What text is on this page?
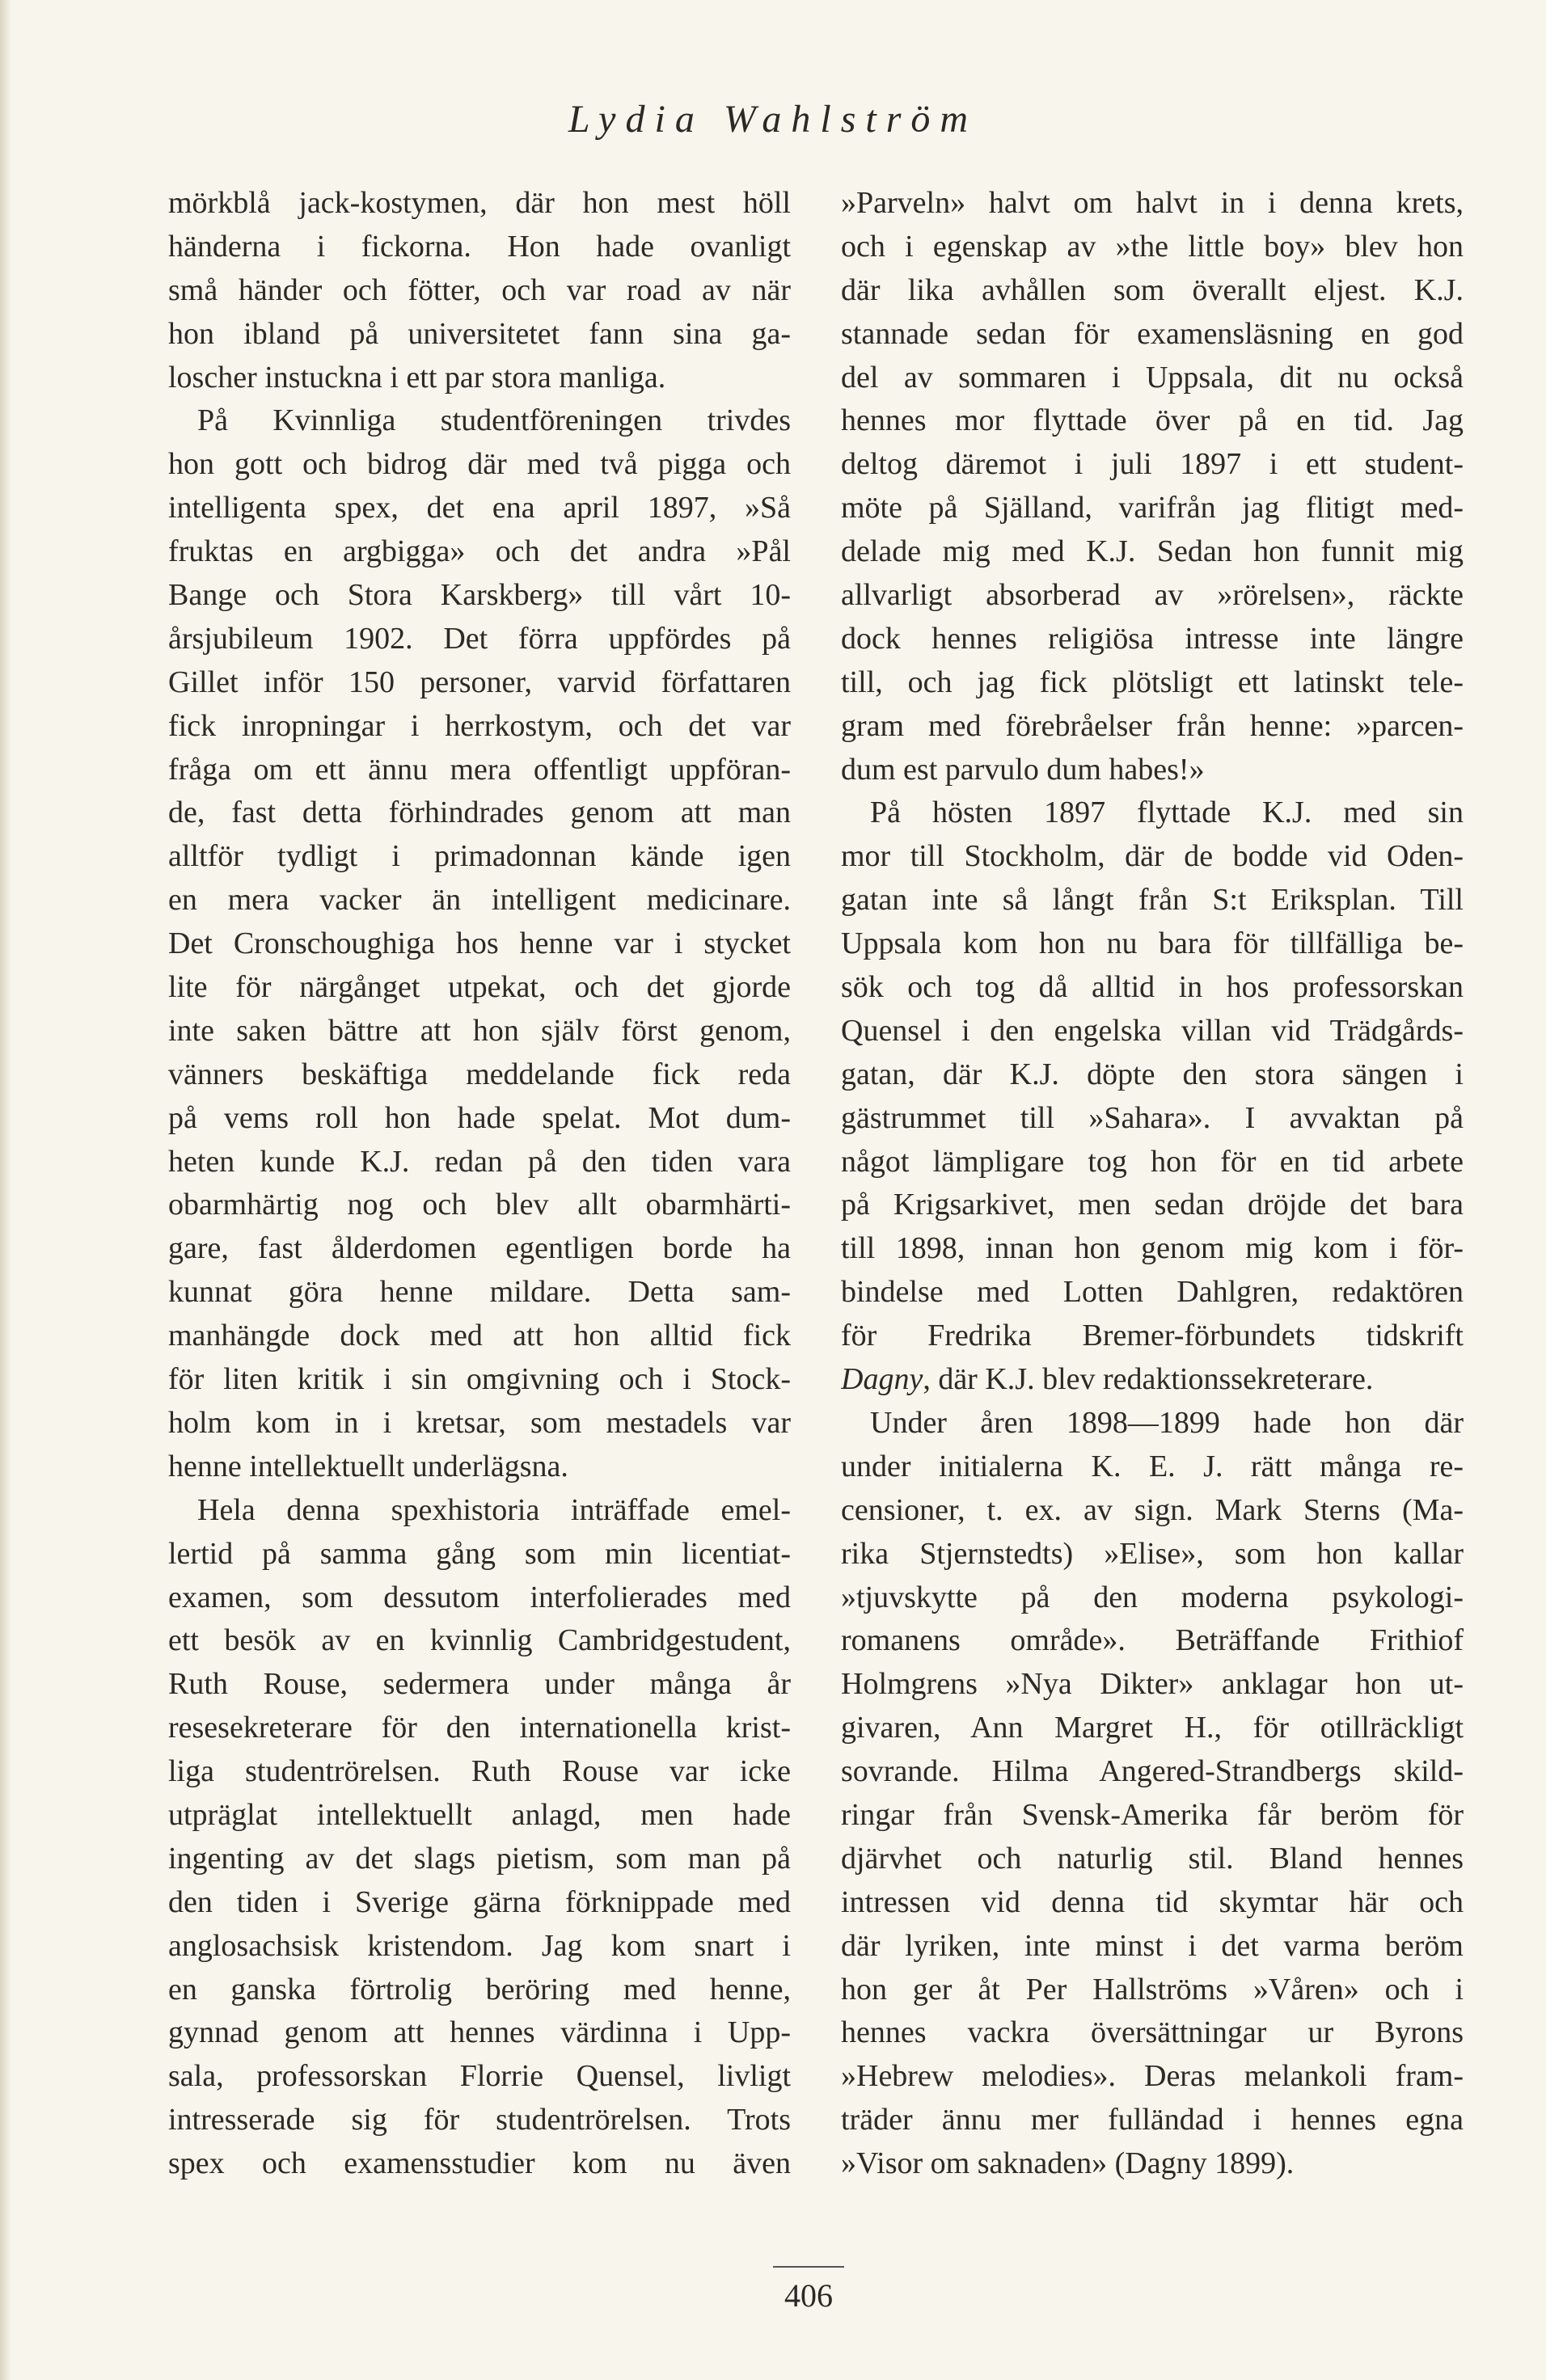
Lydia Wahlström
mörkblå jack-kostymen, där hon mest höll
händerna i fickorna. Hon hade ovanligt
små händer och fötter, och var road av när
hon ibland på universitetet fann sina ga-
loscher instuckna i ett par stora manliga.
På Kvinnliga studentföreningen trivdes
hon gott och bidrog där med två pigga och
intelligenta spex, det ena april 1897, »Så
fruktas en argbigga» och det andra »Pål
Bange och Stora Karskberg» till vårt 10-
årsjubileum 1902. Det förra uppfördes på
Gillet inför 150 personer, varvid författaren
fick inropningar i herrkostym, och det var
fråga om ett ännu mera offentligt uppföran-
de, fast detta förhindrades genom att man
alltför tydligt i primadonnan kände igen
en mera vacker än intelligent medicinare.
Det Cronschoughiga hos henne var i stycket
lite för närgånget utpekat, och det gjorde
inte saken bättre att hon själv först genom,
vänners beskäftiga meddelande fick reda
på vems roll hon hade spelat. Mot dum-
heten kunde K.J. redan på den tiden vara
obarmhärtig nog och blev allt obarmhärti-
gare, fast ålderdomen egentligen borde ha
kunnat göra henne mildare. Detta sam-
manhängde dock med att hon alltid fick
för liten kritik i sin omgivning och i Stock-
holm kom in i kretsar, som mestadels var
henne intellektuellt underlägsna.
Hela denna spexhistoria inträffade emel-
lertid på samma gång som min licentiat-
examen, som dessutom interfolierades med
ett besök av en kvinnlig Cambridgestudent,
Ruth Rouse, sedermera under många år
resesekreterare för den internationella krist-
liga studentrörelsen. Ruth Rouse var icke
utpräglat intellektuellt anlagd, men hade
ingenting av det slags pietism, som man på
den tiden i Sverige gärna förknippade med
anglosachsisk kristendom. Jag kom snart i
en ganska förtrolig beröring med henne,
gynnad genom att hennes värdinna i Upp-
sala, professorskan Florrie Quensel, livligt
intresserade sig för studentrörelsen. Trots
spex och examensstudier kom nu även
»Parveln» halvt om halvt in i denna krets,
och i egenskap av »the little boy» blev hon
där lika avhållen som överallt eljest. K.J.
stannade sedan för examensläsning en god
del av sommaren i Uppsala, dit nu också
hennes mor flyttade över på en tid. Jag
deltog däremot i juli 1897 i ett student-
möte på Själland, varifrån jag flitigt med-
delade mig med K.J. Sedan hon funnit mig
allvarligt absorberad av »rörelsen», räckte
dock hennes religiösa intresse inte längre
till, och jag fick plötsligt ett latinskt tele-
gram med förebråelser från henne: »parcen-
dum est parvulo dum habes!»
På hösten 1897 flyttade K.J. med sin
mor till Stockholm, där de bodde vid Oden-
gatan inte så långt från S:t Eriksplan. Till
Uppsala kom hon nu bara för tillfälliga be-
sök och tog då alltid in hos professorskan
Quensel i den engelska villan vid Trädgårds-
gatan, där K.J. döpte den stora sängen i
gästrummet till »Sahara». I avvaktan på
något lämpligare tog hon för en tid arbete
på Krigsarkivet, men sedan dröjde det bara
till 1898, innan hon genom mig kom i för-
bindelse med Lotten Dahlgren, redaktören
för Fredrika Bremer-förbundets tidskrift
Dagny, där K.J. blev redaktionssekreterare.
Under åren 1898—1899 hade hon där
under initialerna K. E. J. rätt många re-
censioner, t. ex. av sign. Mark Sterns (Ma-
rika Stjernstedts) »Elise», som hon kallar
»tjuvskytte på den moderna psykologi-
romanens område». Beträffande Frithiof
Holmgrens »Nya Dikter» anklagar hon ut-
givaren, Ann Margret H., för otillräckligt
sovrande. Hilma Angered-Strandbergs skild-
ringar från Svensk-Amerika får beröm för
djärvhet och naturlig stil. Bland hennes
intressen vid denna tid skymtar här och
där lyriken, inte minst i det varma beröm
hon ger åt Per Hallströms »Våren» och i
hennes vackra översättningar ur Byrons
»Hebrew melodies». Deras melankoli fram-
träder ännu mer fulländad i hennes egna
»Visor om saknaden» (Dagny 1899).
406
